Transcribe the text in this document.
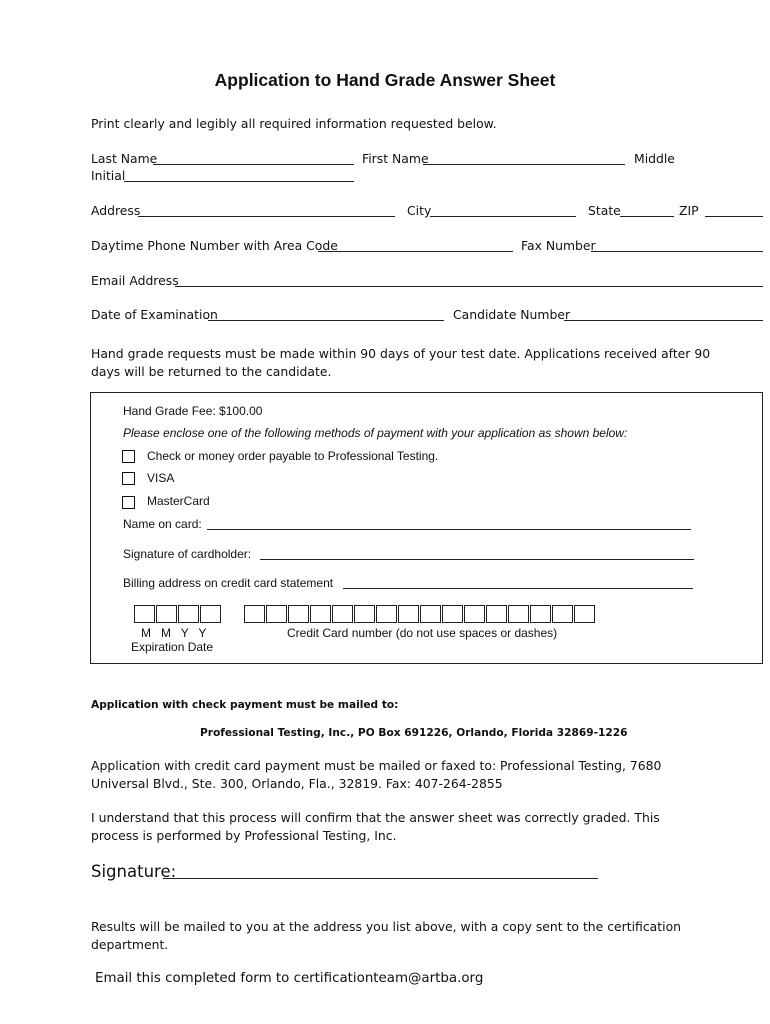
Application to Hand Grade Answer Sheet
Print clearly and legibly all required information requested below.
Last Name	First Name	Middle
Initial
Address	City	State	ZIP
Daytime Phone Number with Area Code	Fax Number
Email Address
Date of Examination	Candidate Number
Hand grade requests must be made within 90 days of your test date. Applications received after 90 days will be returned to the candidate.
Hand Grade Fee: $100.00
Please enclose one of the following methods of payment with your application as shown below:
Check or money order payable to Professional Testing.
VISA
MasterCard
Name on card:
Signature of cardholder:
Billing address on credit card statement
M   M   Y   Y
Expiration Date
Credit Card number (do not use spaces or dashes)
Application with check payment must be mailed to:
Professional Testing, Inc., PO Box 691226, Orlando, Florida 32869-1226
Application with credit card payment must be mailed or faxed to: Professional Testing, 7680 Universal Blvd., Ste. 300, Orlando, Fla., 32819. Fax: 407-264-2855
I understand that this process will confirm that the answer sheet was correctly graded. This process is performed by Professional Testing, Inc.
Signature:
Results will be mailed to you at the address you list above, with a copy sent to the certification department.
Email this completed form to certificationteam@artba.org
